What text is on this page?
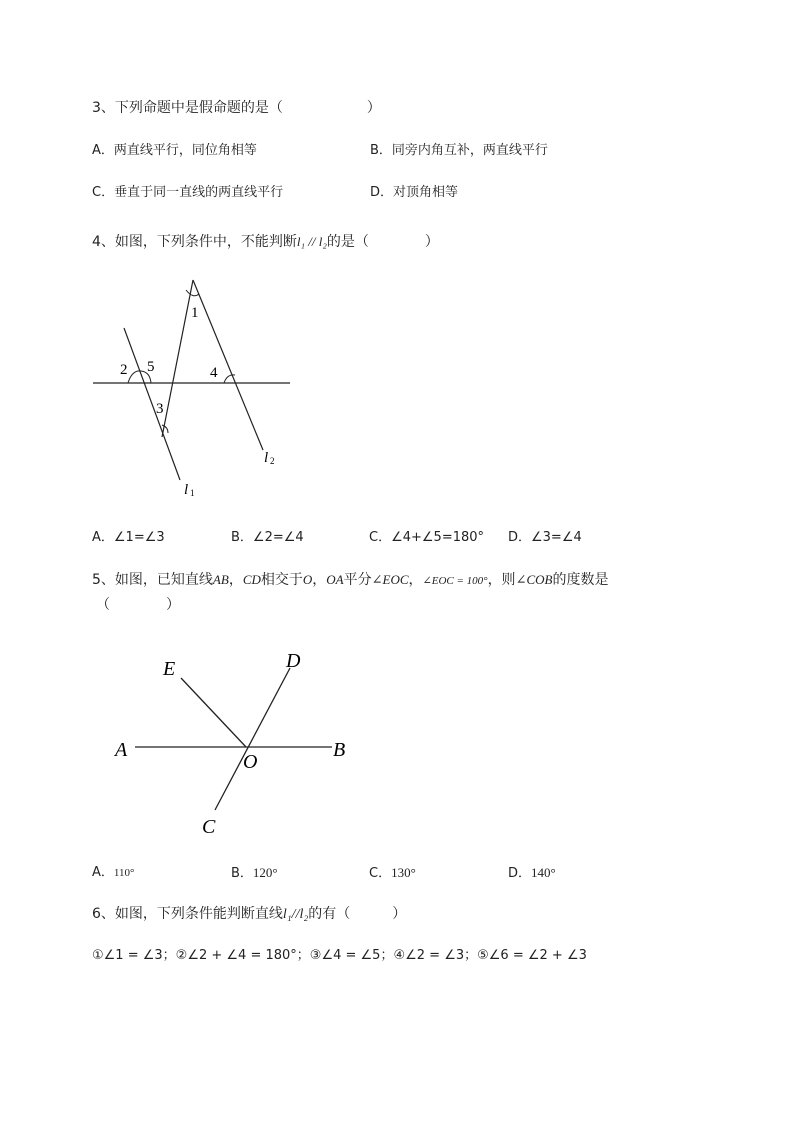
3、下列命题中是假命题的是（　　　　　　）
A．两直线平行，同位角相等	B．同旁内角互补，两直线平行
C．垂直于同一直线的两直线平行	D．对顶角相等
4、如图，下列条件中，不能判断l₁ // l₂的是（　　　　）
1
2
3
4
5
l 1
l 2
A．∠1=∠3	B．∠2=∠4	C．∠4+∠5=180° D．∠3=∠4
5、如图，已知直线AB，CD相交于O，OA平分∠EOC，∠EOC = 100°，则∠COB的度数是
（　　　　）
A	B
C
D
E
O
A．110°	B．120°	C．130°	D．140°
6、如图，下列条件能判断直线l₁//l₂的有（　　　）
①∠1 = ∠3；②∠2 + ∠4 = 180°；③∠4 = ∠5；④∠2 = ∠3；⑤∠6 = ∠2 + ∠3
